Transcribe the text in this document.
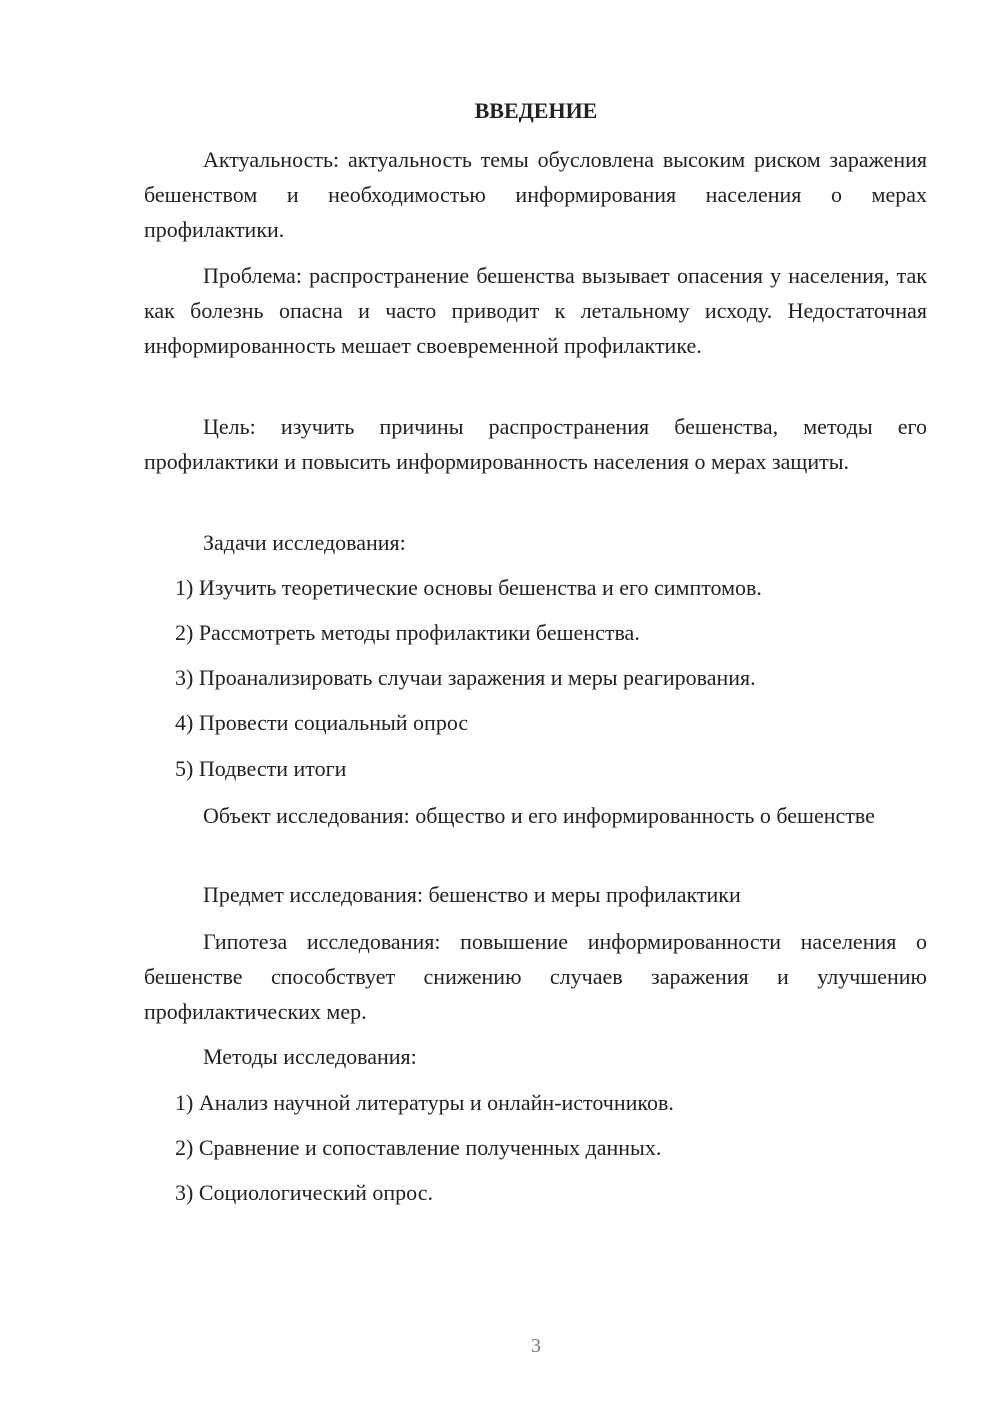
ВВЕДЕНИЕ

Актуальность: актуальность темы обусловлена высоким риском заражения бешенством и необходимостью информирования населения о мерах профилактики.

Проблема: распространение бешенства вызывает опасения у населения, так как болезнь опасна и часто приводит к летальному исходу. Недостаточная информированность мешает своевременной профилактике.

Цель: изучить причины распространения бешенства, методы его профилактики и повысить информированность населения о мерах защиты.

Задачи исследования:
1) Изучить теоретические основы бешенства и его симптомов.
2) Рассмотреть методы профилактики бешенства.
3) Проанализировать случаи заражения и меры реагирования.
4) Провести социальный опрос
5) Подвести итоги

Объект исследования: общество и его информированность о бешенстве

Предмет исследования: бешенство и меры профилактики

Гипотеза исследования: повышение информированности населения о бешенстве способствует снижению случаев заражения и улучшению профилактических мер.

Методы исследования:
1) Анализ научной литературы и онлайн-источников.
2) Сравнение и сопоставление полученных данных.
3) Социологический опрос.
3
